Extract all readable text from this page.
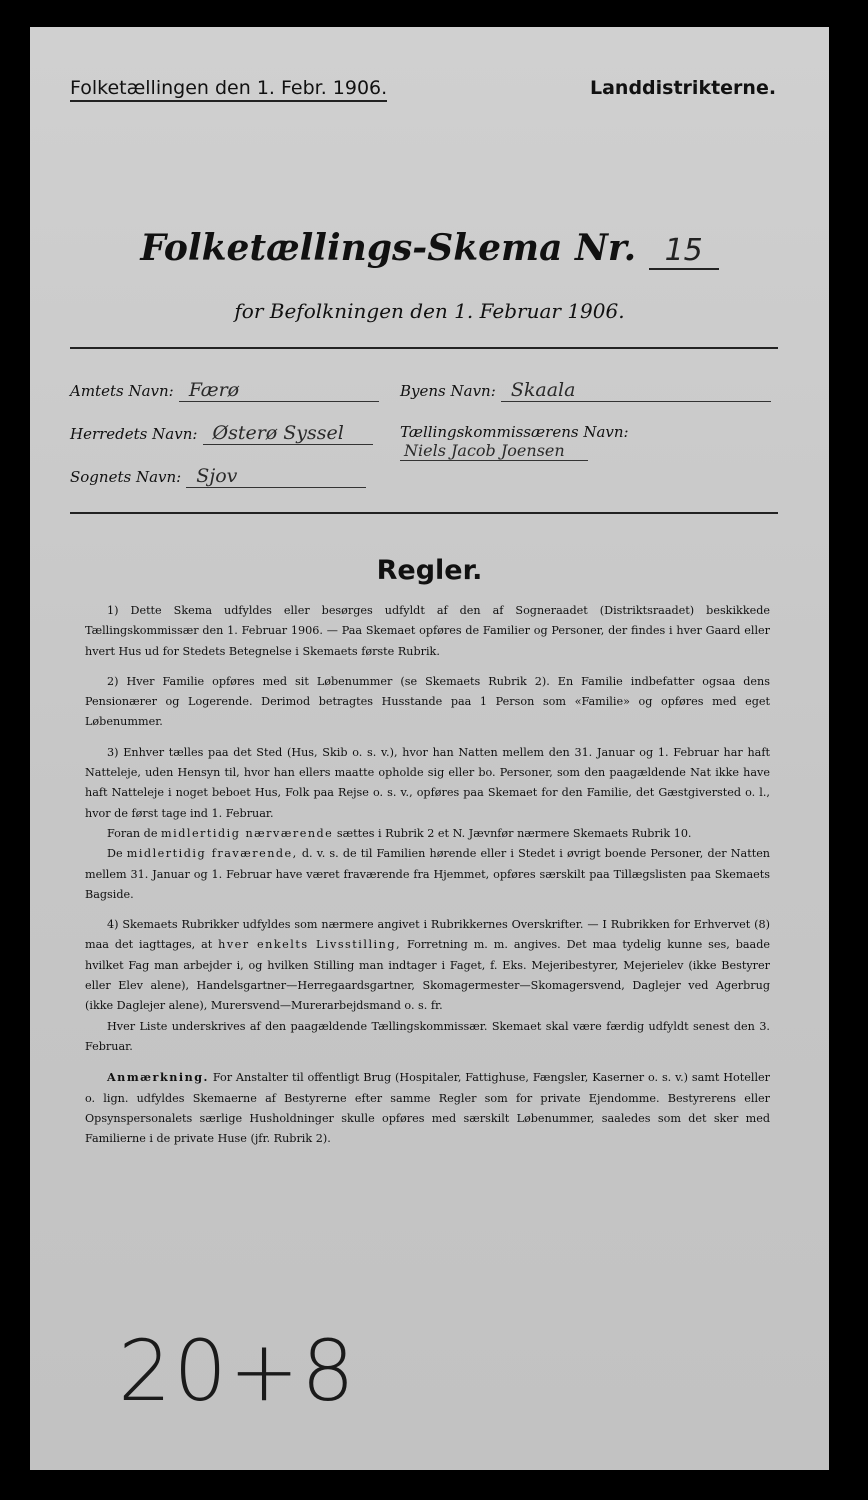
Folketællingen den 1. Febr. 1906.	Landdistrikterne.
Folketællings-Skema Nr. 15
for Befolkningen den 1. Februar 1906.
Amtets Navn: Færø
Herredets Navn: Østerø Syssel
Sognets Navn: Sjov
Byens Navn: Skaala
Tællingskommissærens Navn: Niels Jacob Joensen
Regler.

1) Dette Skema udfyldes eller besørges udfyldt af den af Sogneraadet (Distriktsraadet) beskikkede Tællingskommissær den 1. Februar 1906. — Paa Skemaet opføres de Familier og Personer, der findes i hver Gaard eller hvert Hus ud for Stedets Betegnelse i Skemaets første Rubrik.

2) Hver Familie opføres med sit Løbenummer (se Skemaets Rubrik 2). En Familie indbefatter ogsaa dens Pensionærer og Logerende. Derimod betragtes Husstande paa 1 Person som «Familie» og opføres med eget Løbenummer.

3) Enhver tælles paa det Sted (Hus, Skib o. s. v.), hvor han Natten mellem den 31. Januar og 1. Februar har haft Natteleje, uden Hensyn til, hvor han ellers maatte opholde sig eller bo. Personer, som den paagældende Nat ikke have haft Natteleje i noget beboet Hus, Folk paa Rejse o. s. v., opføres paa Skemaet for den Familie, det Gæstgiversted o. l., hvor de først tage ind 1. Februar.

Foran de midlertidig nærværende sættes i Rubrik 2 et N. Jævnfør nærmere Skemaets Rubrik 10.

De midlertidig fraværende, d. v. s. de til Familien hørende eller i Stedet i øvrigt boende Personer, der Natten mellem 31. Januar og 1. Februar have været fraværende fra Hjemmet, opføres særskilt paa Tillægslisten paa Skemaets Bagside.

4) Skemaets Rubrikker udfyldes som nærmere angivet i Rubrikkernes Overskrifter. — I Rubrikken for Erhvervet (8) maa det iagttages, at hver enkelts Livsstilling, Forretning m. m. angives. Det maa tydelig kunne ses, baade hvilket Fag man arbejder i, og hvilken Stilling man indtager i Faget, f. Eks. Mejeribestyrer, Mejerielev (ikke Bestyrer eller Elev alene), Handelsgartner—Herregaardsgartner, Skomagermester—Skomagersvend, Daglejer ved Agerbrug (ikke Daglejer alene), Murersvend—Murerarbejdsmand o. s. fr.

Hver Liste underskrives af den paagældende Tællingskommissær. Skemaet skal være færdig udfyldt senest den 3. Februar.

Anmærkning. For Anstalter til offentligt Brug (Hospitaler, Fattighuse, Fængsler, Kaserner o. s. v.) samt Hoteller o. lign. udfyldes Skemaerne af Bestyrerne efter samme Regler som for private Ejendomme. Bestyrerens eller Opsynspersonalets særlige Husholdninger skulle opføres med særskilt Løbenummer, saaledes som det sker med Familierne i de private Huse (jfr. Rubrik 2).

20+8
